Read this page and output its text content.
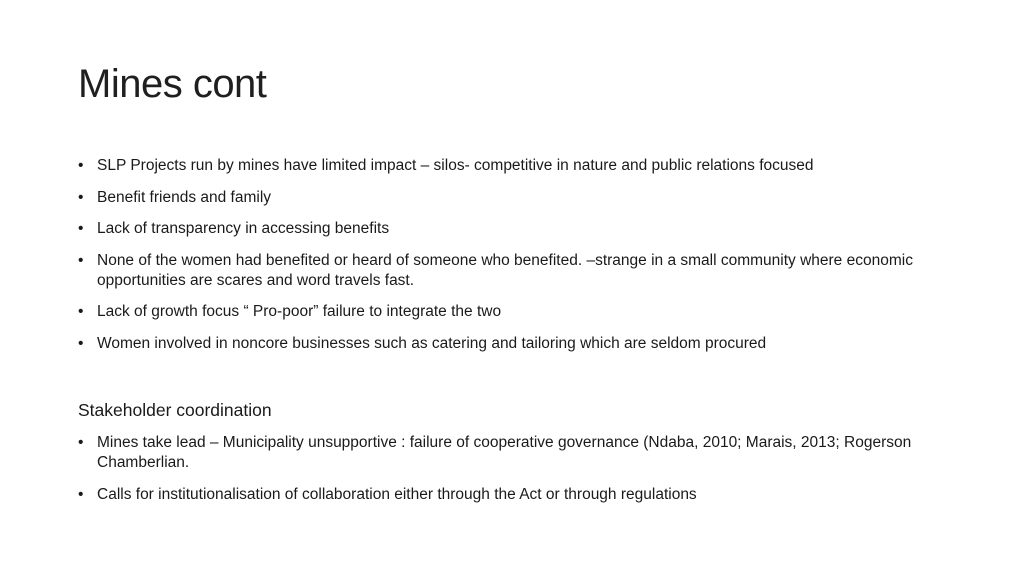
Mines cont
• SLP Projects run by mines have limited impact – silos- competitive in nature and public relations focused
• Benefit friends and family
• Lack of transparency in accessing benefits
• None of the women had benefited or heard of someone who benefited. –strange in a small community where economic opportunities are scares and word travels fast.
• Lack of growth focus “ Pro-poor” failure to integrate the two
• Women involved in noncore businesses such as catering and tailoring which are seldom procured
Stakeholder coordination
• Mines take lead – Municipality unsupportive : failure of cooperative governance (Ndaba, 2010; Marais, 2013; Rogerson Chamberlian.
• Calls for institutionalisation of collaboration either through the Act or through regulations
